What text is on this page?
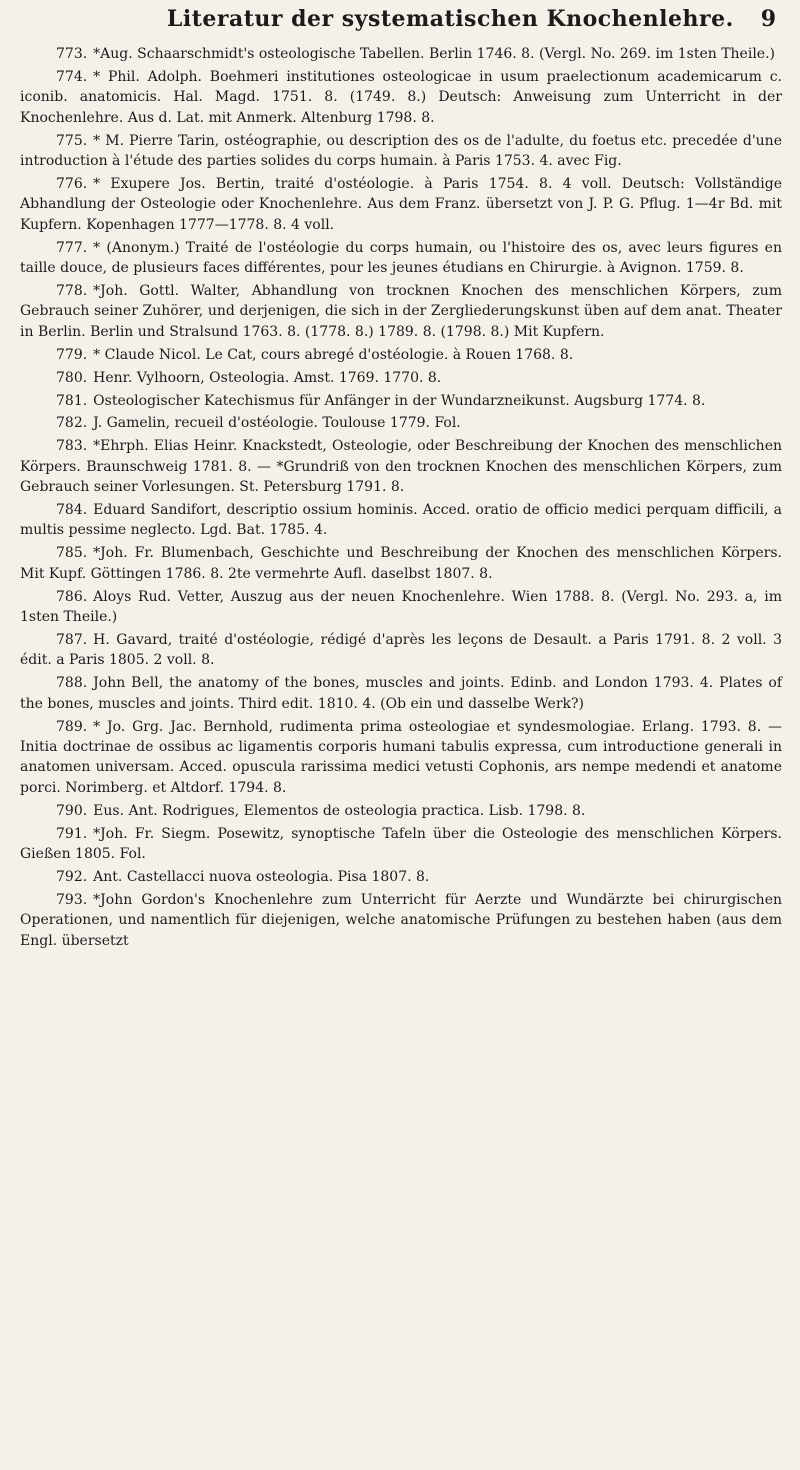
Literatur der systematischen Knochenlehre.	9

773. *Aug. Schaarschmidt's osteologische Tabellen. Berlin 1746. 8. (Vergl. No. 269. im 1sten Theile.)

774. * Phil. Adolph. Boehmeri institutiones osteologicae in usum praelectionum academicarum c. iconib. anatomicis. Hal. Magd. 1751. 8. (1749. 8.) Deutsch: Anweisung zum Unterricht in der Knochenlehre. Aus d. Lat. mit Anmerk. Altenburg 1798. 8.

775. * M. Pierre Tarin, ostéographie, ou description des os de l'adulte, du foetus etc. precedée d'une introduction à l'étude des parties solides du corps humain. à Paris 1753. 4. avec Fig.

776. * Exupere Jos. Bertin, traité d'ostéologie. à Paris 1754. 8. 4 voll. Deutsch: Vollständige Abhandlung der Osteologie oder Knochenlehre. Aus dem Franz. übersetzt von J. P. G. Pflug. 1—4r Bd. mit Kupfern. Kopenhagen 1777—1778. 8. 4 voll.

777. * (Anonym.) Traité de l'ostéologie du corps humain, ou l'histoire des os, avec leurs figures en taille douce, de plusieurs faces différentes, pour les jeunes étudians en Chirurgie. à Avignon. 1759. 8.

778. *Joh. Gottl. Walter, Abhandlung von trocknen Knochen des menschlichen Körpers, zum Gebrauch seiner Zuhörer, und derjenigen, die sich in der Zergliederungskunst üben auf dem anat. Theater in Berlin. Berlin und Stralsund 1763. 8. (1778. 8.) 1789. 8. (1798. 8.) Mit Kupfern.

779. * Claude Nicol. Le Cat, cours abregé d'ostéologie. à Rouen 1768. 8.

780. Henr. Vylhoorn, Osteologia. Amst. 1769. 1770. 8.

781. Osteologischer Katechismus für Anfänger in der Wundarzneikunst. Augsburg 1774. 8.

782. J. Gamelin, recueil d'ostéologie. Toulouse 1779. Fol.

783. *Ehrph. Elias Heinr. Knackstedt, Osteologie, oder Beschreibung der Knochen des menschlichen Körpers. Braunschweig 1781. 8. — *Grundriß von den trocknen Knochen des menschlichen Körpers, zum Gebrauch seiner Vorlesungen. St. Petersburg 1791. 8.

784. Eduard Sandifort, descriptio ossium hominis. Acced. oratio de officio medici perquam difficili, a multis pessime neglecto. Lgd. Bat. 1785. 4.

785. *Joh. Fr. Blumenbach, Geschichte und Beschreibung der Knochen des menschlichen Körpers. Mit Kupf. Göttingen 1786. 8. 2te vermehrte Aufl. daselbst 1807. 8.

786. Aloys Rud. Vetter, Auszug aus der neuen Knochenlehre. Wien 1788. 8. (Vergl. No. 293. a, im 1sten Theile.)

787. H. Gavard, traité d'ostéologie, rédigé d'après les leçons de Desault. a Paris 1791. 8. 2 voll. 3 édit. a Paris 1805. 2 voll. 8.

788. John Bell, the anatomy of the bones, muscles and joints. Edinb. and London 1793. 4. Plates of the bones, muscles and joints. Third edit. 1810. 4. (Ob ein und dasselbe Werk?)

789. * Jo. Grg. Jac. Bernhold, rudimenta prima osteologiae et syndesmologiae. Erlang. 1793. 8. — Initia doctrinae de ossibus ac ligamentis corporis humani tabulis expressa, cum introductione generali in anatomen universam. Acced. opuscula rarissima medici vetusti Cophonis, ars nempe medendi et anatome porci. Norimberg. et Altdorf. 1794. 8.

790. Eus. Ant. Rodrigues, Elementos de osteologia practica. Lisb. 1798. 8.

791. *Joh. Fr. Siegm. Posewitz, synoptische Tafeln über die Osteologie des menschlichen Körpers. Gießen 1805. Fol.

792. Ant. Castellacci nuova osteologia. Pisa 1807. 8.

793. *John Gordon's Knochenlehre zum Unterricht für Aerzte und Wundärzte bei chirurgischen Operationen, und namentlich für diejenigen, welche anatomische Prüfungen zu bestehen haben (aus dem Engl. übersetzt
